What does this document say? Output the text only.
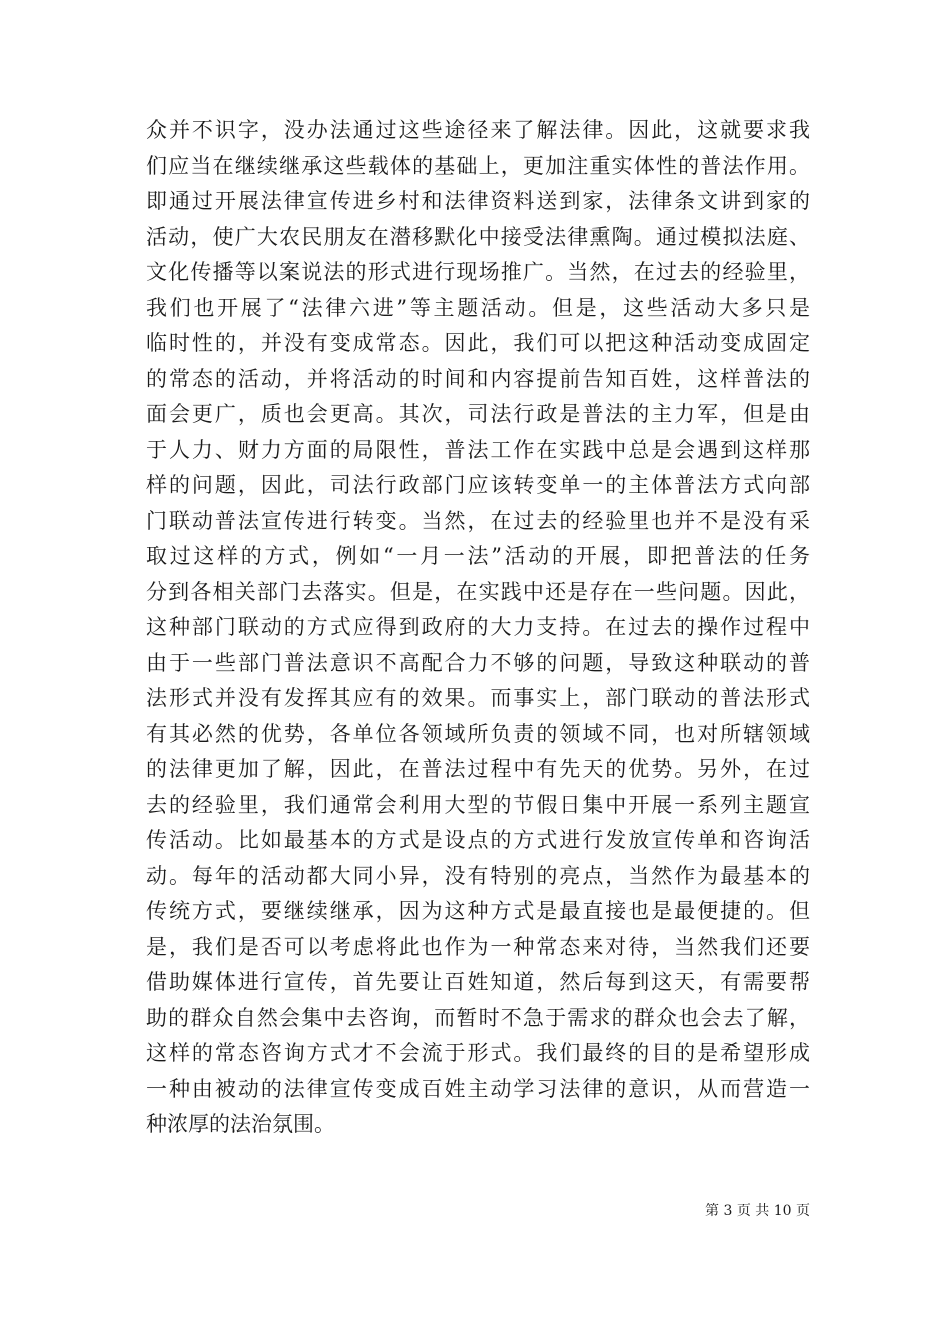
众并不识字，没办法通过这些途径来了解法律。因此，这就要求我
们应当在继续继承这些载体的基础上，更加注重实体性的普法作用。
即通过开展法律宣传进乡村和法律资料送到家，法律条文讲到家的
活动，使广大农民朋友在潜移默化中接受法律熏陶。通过模拟法庭、
文化传播等以案说法的形式进行现场推广。当然，在过去的经验里，
我们也开展了“法律六进”等主题活动。但是，这些活动大多只是
临时性的，并没有变成常态。因此，我们可以把这种活动变成固定
的常态的活动，并将活动的时间和内容提前告知百姓，这样普法的
面会更广，质也会更高。其次，司法行政是普法的主力军，但是由
于人力、财力方面的局限性，普法工作在实践中总是会遇到这样那
样的问题，因此，司法行政部门应该转变单一的主体普法方式向部
门联动普法宣传进行转变。当然，在过去的经验里也并不是没有采
取过这样的方式，例如“一月一法”活动的开展，即把普法的任务
分到各相关部门去落实。但是，在实践中还是存在一些问题。因此，
这种部门联动的方式应得到政府的大力支持。在过去的操作过程中
由于一些部门普法意识不高配合力不够的问题，导致这种联动的普
法形式并没有发挥其应有的效果。而事实上，部门联动的普法形式
有其必然的优势，各单位各领域所负责的领域不同，也对所辖领域
的法律更加了解，因此，在普法过程中有先天的优势。另外，在过
去的经验里，我们通常会利用大型的节假日集中开展一系列主题宣
传活动。比如最基本的方式是设点的方式进行发放宣传单和咨询活
动。每年的活动都大同小异，没有特别的亮点，当然作为最基本的
传统方式，要继续继承，因为这种方式是最直接也是最便捷的。但
是，我们是否可以考虑将此也作为一种常态来对待，当然我们还要
借助媒体进行宣传，首先要让百姓知道，然后每到这天，有需要帮
助的群众自然会集中去咨询，而暂时不急于需求的群众也会去了解，
这样的常态咨询方式才不会流于形式。我们最终的目的是希望形成
一种由被动的法律宣传变成百姓主动学习法律的意识，从而营造一
种浓厚的法治氛围。
第 3 页 共 10 页
